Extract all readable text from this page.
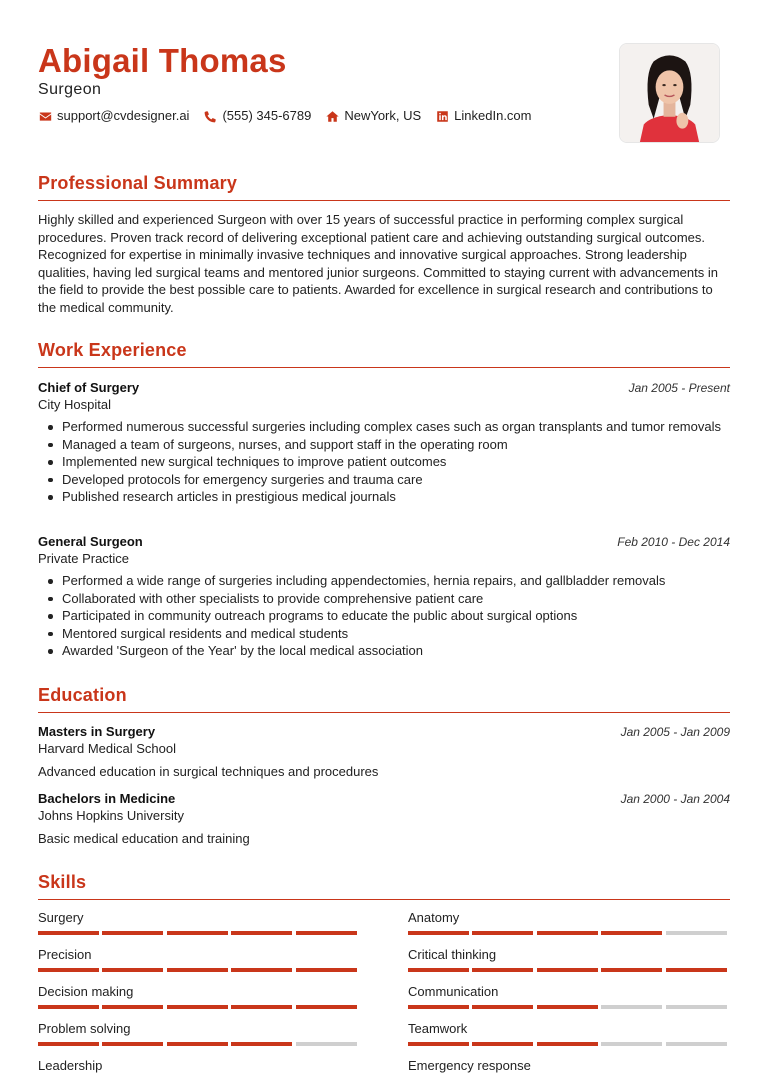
Abigail Thomas
Surgeon
support@cvdesigner.ai	(555) 345-6789	NewYork, US	LinkedIn.com
Professional Summary
Highly skilled and experienced Surgeon with over 15 years of successful practice in performing complex surgical procedures. Proven track record of delivering exceptional patient care and achieving outstanding surgical outcomes. Recognized for expertise in minimally invasive techniques and innovative surgical approaches. Strong leadership qualities, having led surgical teams and mentored junior surgeons. Committed to staying current with advancements in the field to provide the best possible care to patients. Awarded for excellence in surgical research and contributions to the medical community.
Work Experience
Chief of Surgery
City Hospital
Jan 2005 - Present
Performed numerous successful surgeries including complex cases such as organ transplants and tumor removals
Managed a team of surgeons, nurses, and support staff in the operating room
Implemented new surgical techniques to improve patient outcomes
Developed protocols for emergency surgeries and trauma care
Published research articles in prestigious medical journals
General Surgeon
Private Practice
Feb 2010 - Dec 2014
Performed a wide range of surgeries including appendectomies, hernia repairs, and gallbladder removals
Collaborated with other specialists to provide comprehensive patient care
Participated in community outreach programs to educate the public about surgical options
Mentored surgical residents and medical students
Awarded 'Surgeon of the Year' by the local medical association
Education
Masters in Surgery
Harvard Medical School
Jan 2005 - Jan 2009
Advanced education in surgical techniques and procedures
Bachelors in Medicine
Johns Hopkins University
Jan 2000 - Jan 2004
Basic medical education and training
Skills
Surgery	Anatomy
Precision	Critical thinking
Decision making	Communication
Problem solving	Teamwork
Leadership	Emergency response
